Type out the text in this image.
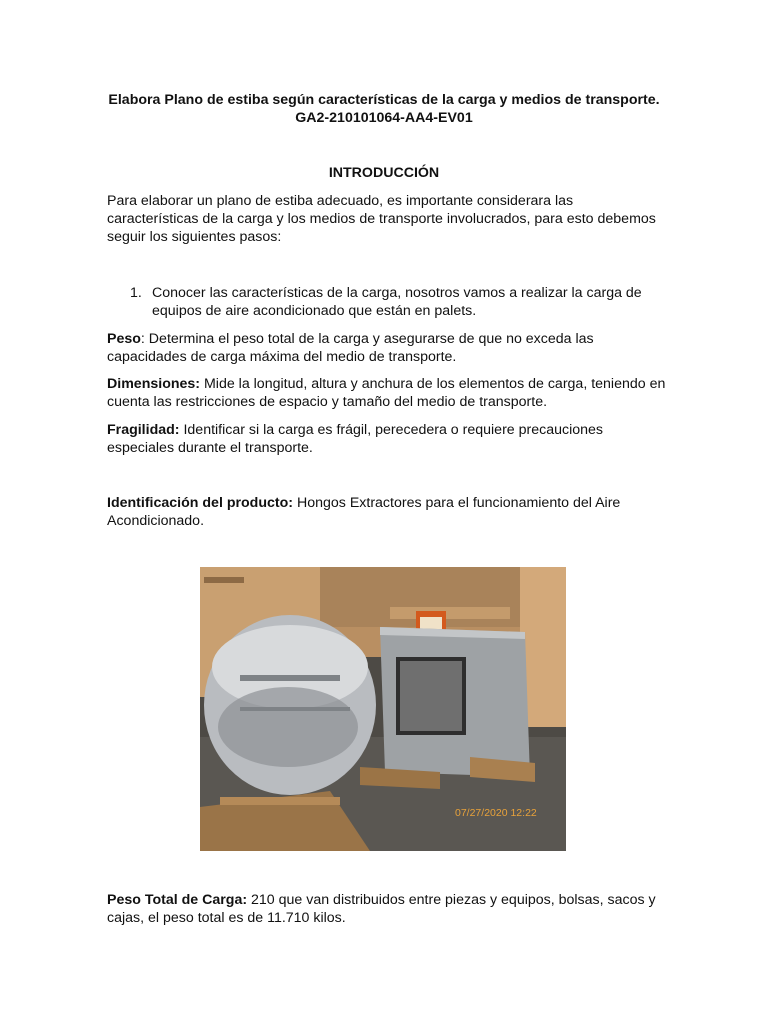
Elabora Plano de estiba según características de la carga y medios de transporte.
GA2-210101064-AA4-EV01
INTRODUCCIÓN

Para elaborar un plano de estiba adecuado, es importante considerara las características de la carga y los medios de transporte involucrados, para esto debemos seguir los siguientes pasos:

1. Conocer las características de la carga, nosotros vamos a realizar la carga de equipos de aire acondicionado que están en palets.

Peso: Determina el peso total de la carga y asegurarse de que no exceda las capacidades de carga máxima del medio de transporte.

Dimensiones: Mide la longitud, altura y anchura de los elementos de carga, teniendo en cuenta las restricciones de espacio y tamaño del medio de transporte.

Fragilidad: Identificar si la carga es frágil, perecedera o requiere precauciones especiales durante el transporte.

Identificación del producto: Hongos Extractores para el funcionamiento del Aire Acondicionado.

07/27/2020 12:22

Peso Total de Carga: 210 que van distribuidos entre piezas y equipos, bolsas, sacos y cajas, el peso total es de 11.710 kilos.
